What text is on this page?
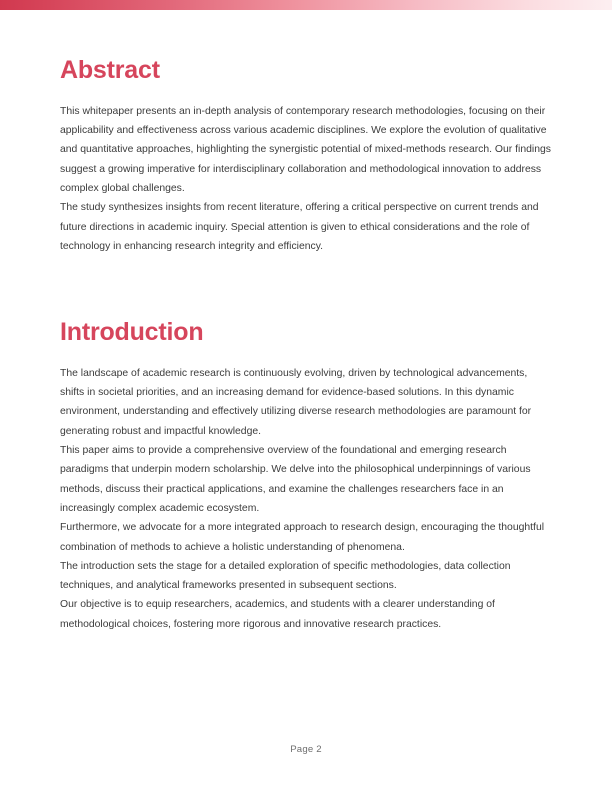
Abstract

This whitepaper presents an in-depth analysis of contemporary research methodologies, focusing on their applicability and effectiveness across various academic disciplines. We explore the evolution of qualitative and quantitative approaches, highlighting the synergistic potential of mixed-methods research. Our findings suggest a growing imperative for interdisciplinary collaboration and methodological innovation to address complex global challenges.

The study synthesizes insights from recent literature, offering a critical perspective on current trends and future directions in academic inquiry. Special attention is given to ethical considerations and the role of technology in enhancing research integrity and efficiency.

Introduction

The landscape of academic research is continuously evolving, driven by technological advancements, shifts in societal priorities, and an increasing demand for evidence-based solutions. In this dynamic environment, understanding and effectively utilizing diverse research methodologies are paramount for generating robust and impactful knowledge.

This paper aims to provide a comprehensive overview of the foundational and emerging research paradigms that underpin modern scholarship. We delve into the philosophical underpinnings of various methods, discuss their practical applications, and examine the challenges researchers face in an increasingly complex academic ecosystem.

Furthermore, we advocate for a more integrated approach to research design, encouraging the thoughtful combination of methods to achieve a holistic understanding of phenomena.

The introduction sets the stage for a detailed exploration of specific methodologies, data collection techniques, and analytical frameworks presented in subsequent sections.

Our objective is to equip researchers, academics, and students with a clearer understanding of methodological choices, fostering more rigorous and innovative research practices.

Page 2
